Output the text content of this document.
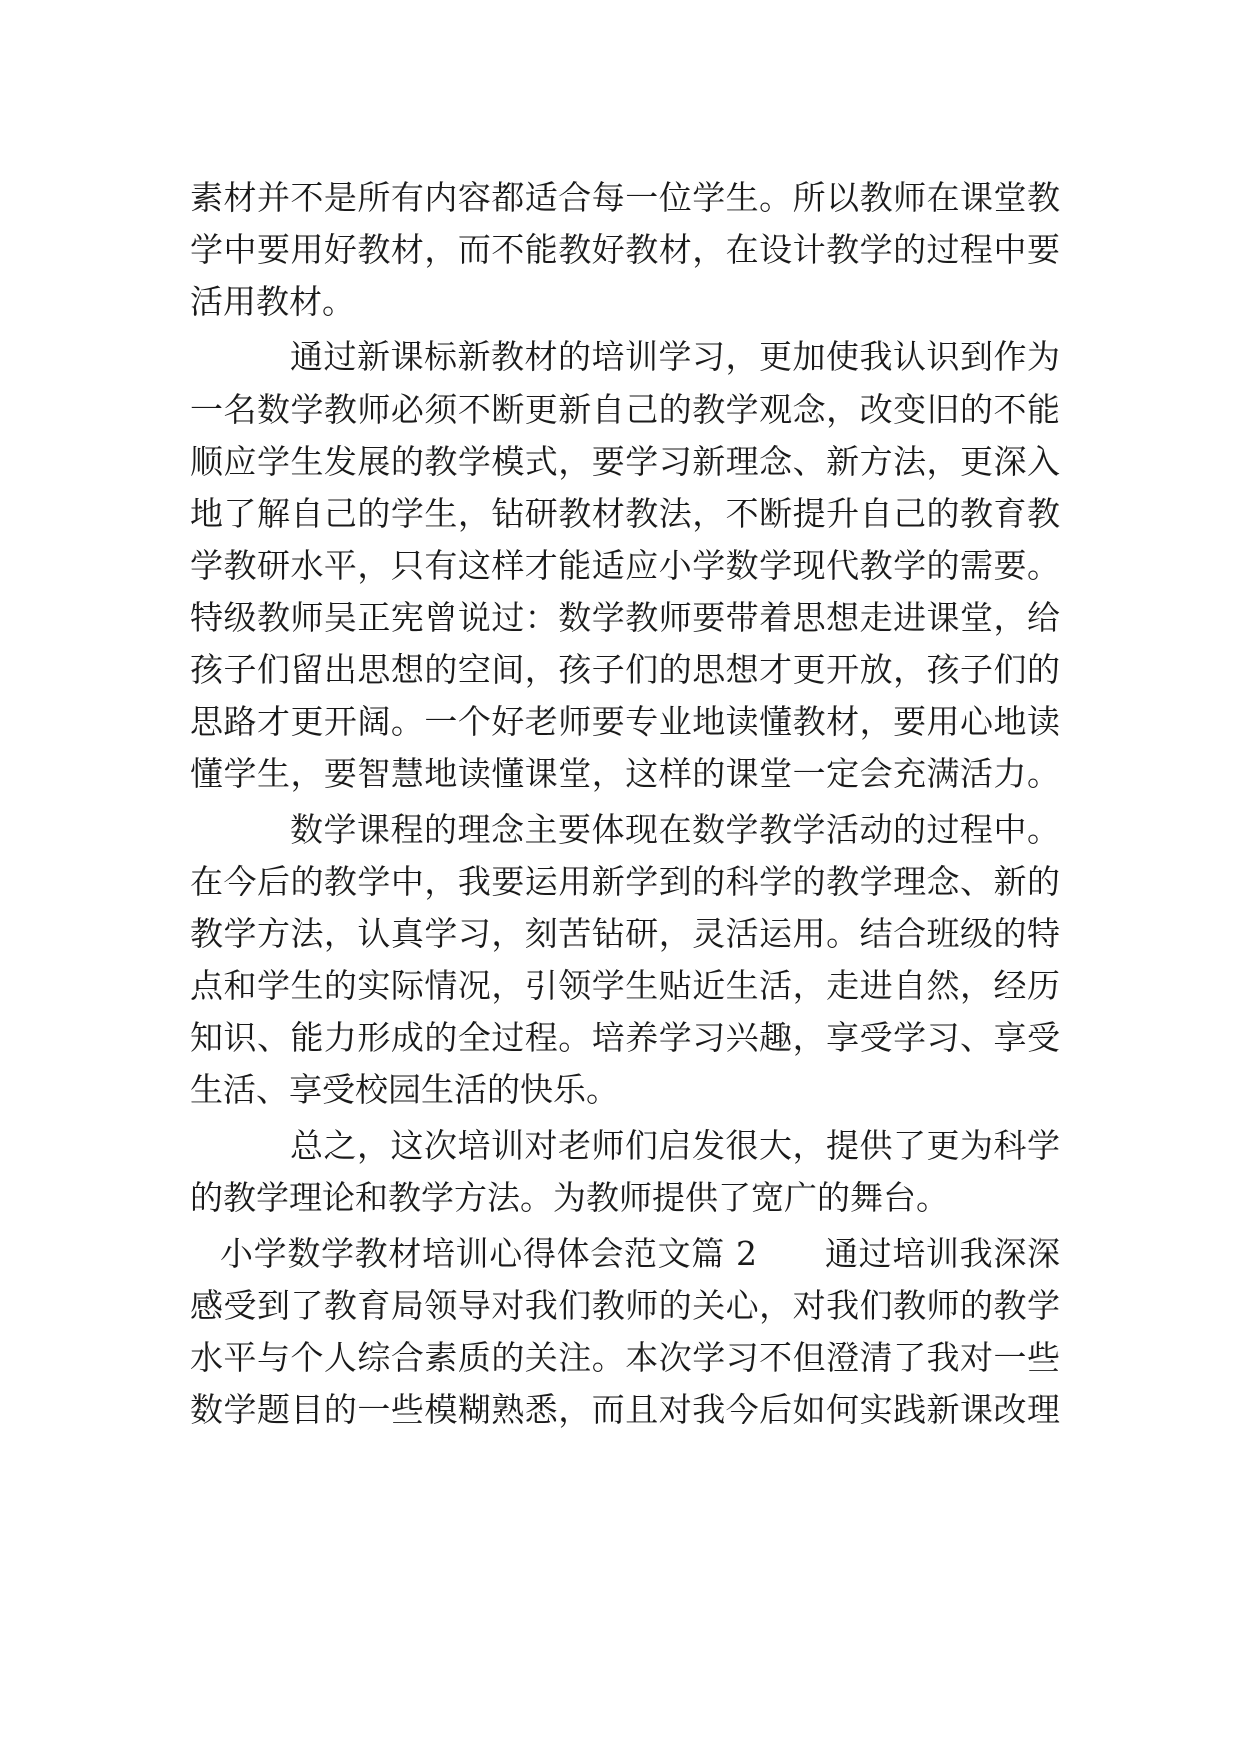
素材并不是所有内容都适合每一位学生。所以教师在课堂教

学中要用好教材，而不能教好教材，在设计教学的过程中要

活用教材。

通过新课标新教材的培训学习，更加使我认识到作为

一名数学教师必须不断更新自己的教学观念，改变旧的不能

顺应学生发展的教学模式，要学习新理念、新方法，更深入

地了解自己的学生，钻研教材教法，不断提升自己的教育教

学教研水平，只有这样才能适应小学数学现代教学的需要。

特级教师吴正宪曾说过：数学教师要带着思想走进课堂，给

孩子们留出思想的空间，孩子们的思想才更开放，孩子们的

思路才更开阔。一个好老师要专业地读懂教材，要用心地读

懂学生，要智慧地读懂课堂，这样的课堂一定会充满活力。

数学课程的理念主要体现在数学教学活动的过程中。

在今后的教学中，我要运用新学到的科学的教学理念、新的

教学方法，认真学习，刻苦钻研，灵活运用。结合班级的特

点和学生的实际情况，引领学生贴近生活，走进自然，经历

知识、能力形成的全过程。培养学习兴趣，享受学习、享受

生活、享受校园生活的快乐。

总之，这次培训对老师们启发很大，提供了更为科学

的教学理论和教学方法。为教师提供了宽广的舞台。

小学数学教材培训心得体会范文篇 2　　通过培训我深深

感受到了教育局领导对我们教师的关心，对我们教师的教学

水平与个人综合素质的关注。本次学习不但澄清了我对一些

数学题目的一些模糊熟悉，而且对我今后如何实践新课改理
